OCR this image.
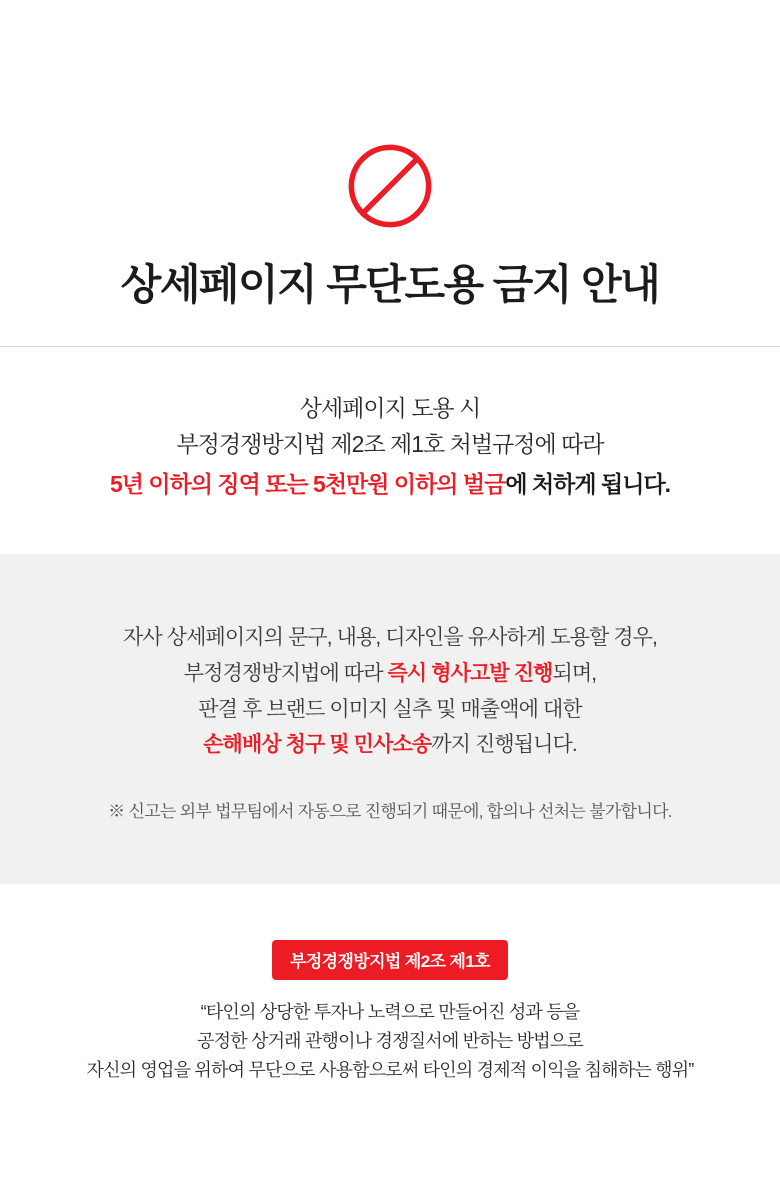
상세페이지 무단도용 금지 안내
상세페이지 도용 시
부정경쟁방지법 제2조 제1호 처벌규정에 따라
5년 이하의 징역 또는 5천만원 이하의 벌금에 처하게 됩니다.
자사 상세페이지의 문구, 내용, 디자인을 유사하게 도용할 경우,
부정경쟁방지법에 따라 즉시 형사고발 진행되며,
판결 후 브랜드 이미지 실추 및 매출액에 대한
손해배상 청구 및 민사소송까지 진행됩니다.
※ 신고는 외부 법무팀에서 자동으로 진행되기 때문에, 합의나 선처는 불가합니다.
부정경쟁방지법 제2조 제1호
“타인의 상당한 투자나 노력으로 만들어진 성과 등을
공정한 상거래 관행이나 경쟁질서에 반하는 방법으로
자신의 영업을 위하여 무단으로 사용함으로써 타인의 경제적 이익을 침해하는 행위”
